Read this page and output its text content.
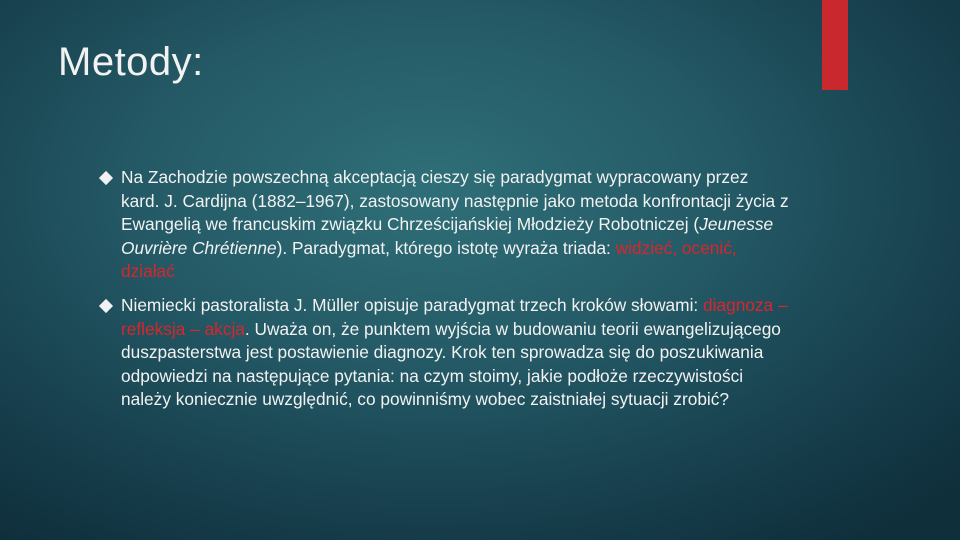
Metody:
Na Zachodzie powszechną akceptacją cieszy się paradygmat wypracowany przez kard. J. Cardijna (1882–1967), zastosowany następnie jako metoda konfrontacji życia z Ewangelią we francuskim związku Chrześcijańskiej Młodzieży Robotniczej (Jeunesse Ouvrière Chrétienne). Paradygmat, którego istotę wyraża triada: widzieć, ocenić, działać
Niemiecki pastoralista J. Müller opisuje paradygmat trzech kroków słowami: diagnoza – refleksja – akcja. Uważa on, że punktem wyjścia w budowaniu teorii ewangelizującego duszpasterstwa jest postawienie diagnozy. Krok ten sprowadza się do poszukiwania odpowiedzi na następujące pytania: na czym stoimy, jakie podłoże rzeczywistości należy koniecznie uwzględnić, co powinniśmy wobec zaistniałej sytuacji zrobić?
